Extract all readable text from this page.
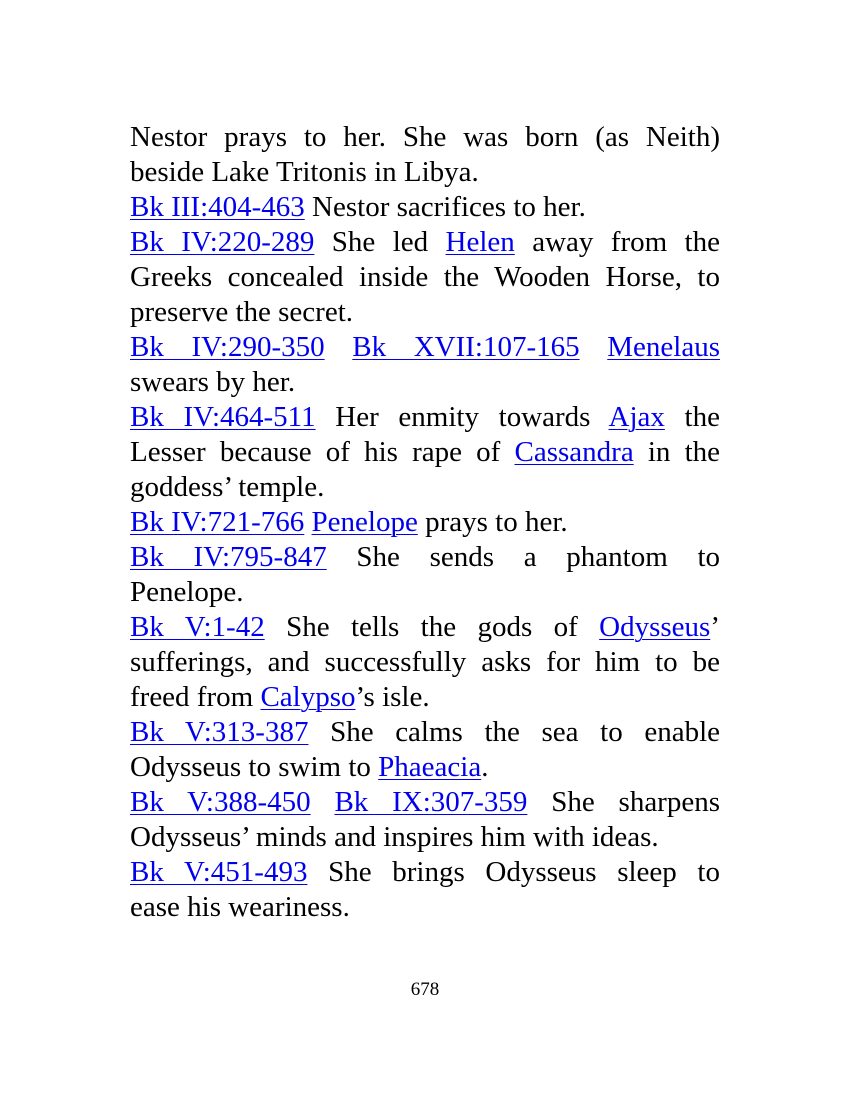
Nestor prays to her. She was born (as Neith)
beside Lake Tritonis in Libya.

Bk III:404-463 Nestor sacrifices to her.

Bk IV:220-289 She led Helen away from the
Greeks concealed inside the Wooden Horse, to
preserve the secret.

Bk IV:290-350 Bk XVII:107-165 Menelaus
swears by her.

Bk IV:464-511 Her enmity towards Ajax the
Lesser because of his rape of Cassandra in the
goddess’ temple.

Bk IV:721-766 Penelope prays to her.

Bk IV:795-847 She sends a phantom to
Penelope.

Bk V:1-42 She tells the gods of Odysseus’
sufferings, and successfully asks for him to be
freed from Calypso’s isle.

Bk V:313-387 She calms the sea to enable
Odysseus to swim to Phaeacia.

Bk V:388-450 Bk IX:307-359 She sharpens
Odysseus’ minds and inspires him with ideas.

Bk V:451-493 She brings Odysseus sleep to
ease his weariness.

678
